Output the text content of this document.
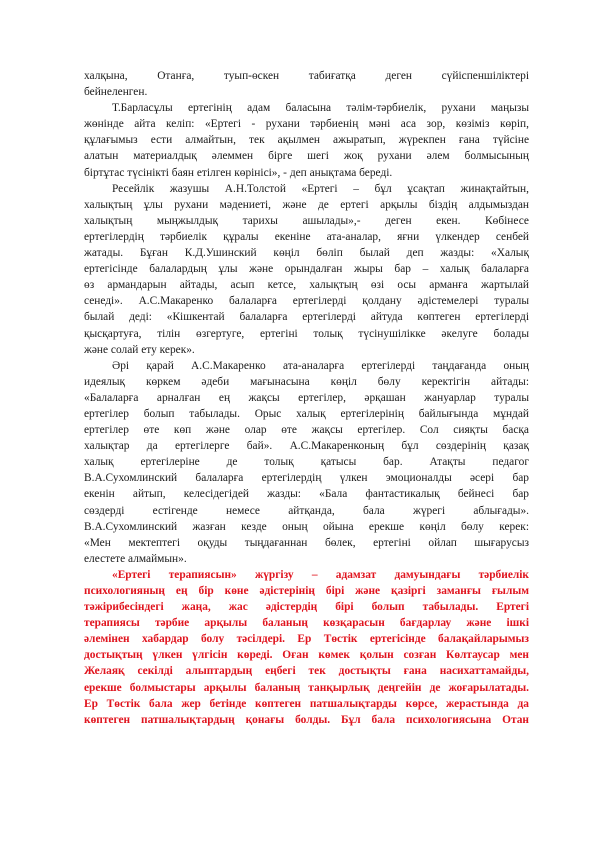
халқына, Отанға, туып-өскен табиғатқа деген сүйіспеншіліктері
бейнеленген.
Т.Барласұлы ертегінің адам баласына тәлім-тәрбиелік, рухани маңызы
жөнінде айта келіп: «Ертегі - рухани тәрбиенің мәні аса зор, көзіміз көріп,
құлағымыз ести алмайтын, тек ақылмен ажыратып, жүрекпен ғана түйсіне
алатын материалдық әлеммен бірге шегі жоқ рухани әлем болмысының
біртұтас түсінікті баян етілген көрінісі», - деп анықтама береді.
Ресейлік жазушы А.Н.Толстой «Ертегі – бұл ұсақтап жинақтайтын,
халықтың ұлы рухани мәдениеті, және де ертегі арқылы біздің алдымыздан
халықтың мыңжылдық тарихы ашылады»,- деген екен. Көбінесе
ертегілердің тәрбиелік құралы екеніне ата-аналар, яғни үлкендер сенбей
жатады. Бұған К.Д.Ушинский көңіл бөліп былай деп жазды: «Халық
ертегісінде балалардың ұлы және орындалған жыры бар – халық балаларға
өз армандарын айтады, асып кетсе, халықтың өзі осы арманға жартылай
сенеді». А.С.Макаренко балаларға ертегілерді қолдану әдістемелері туралы
былай деді: «Кішкентай балаларға ертегілерді айтуда көптеген ертегілерді
қысқартуға, тілін өзгертуге, ертегіні толық түсінушілікке әкелуге болады
және солай ету керек».
Әрі қарай А.С.Макаренко ата-аналарға ертегілерді таңдағанда оның
идеялық көркем әдеби мағынасына көңіл бөлу керектігін айтады:
«Балаларға арналған ең жақсы ертегілер, әрқашан жануарлар туралы
ертегілер болып табылады. Орыс халық ертегілерінің байлығында мұндай
ертегілер өте көп және олар өте жақсы ертегілер. Сол сияқты басқа
халықтар да ертегілерге бай». А.С.Макаренконың бұл сөздерінің қазақ
халық ертегілеріне де толық қатысы бар. Атақты педагог
В.А.Сухомлинский балаларға ертегілердің үлкен эмоционалды әсері бар
екенін айтып, келесідегідей жазды: «Бала фантастикалық бейнесі бар
сөздерді естігенде немесе айтқанда, бала жүрегі аблығады».
В.А.Сухомлинский жазған кезде оның ойына ерекше көңіл бөлу керек:
«Мен мектептегі оқуды тыңдағаннан бөлек, ертегіні ойлап шығарусыз
елестете алмаймын».
«Ертегі терапиясын» жүргізу – адамзат дамуындағы тәрбиелік
психологияның ең бір көне әдістерінің бірі және қазіргі заманғы ғылым
тәжірибесіндегі жаңа, жас әдістердің бірі болып табылады. Ертегі
терапиясы тәрбие арқылы баланың көзқарасын бағдарлау және ішкі
әлемінен хабардар болу тәсілдері. Ер Төстік ертегісінде балақайларымыз
достықтың үлкен үлгісін көреді. Оған көмек қолын созған Көлтаусар мен
Желаяқ секілді алыптардың еңбегі тек достықты ғана насихаттамайды,
ерекше болмыстары арқылы баланың танқырлық деңгейін де жоғарылатады.
Ер Төстік бала жер бетінде көптеген патшалықтарды көрсе, жерастында да
көптеген патшалықтардың қонағы болды. Бұл бала психологиясына Отан
